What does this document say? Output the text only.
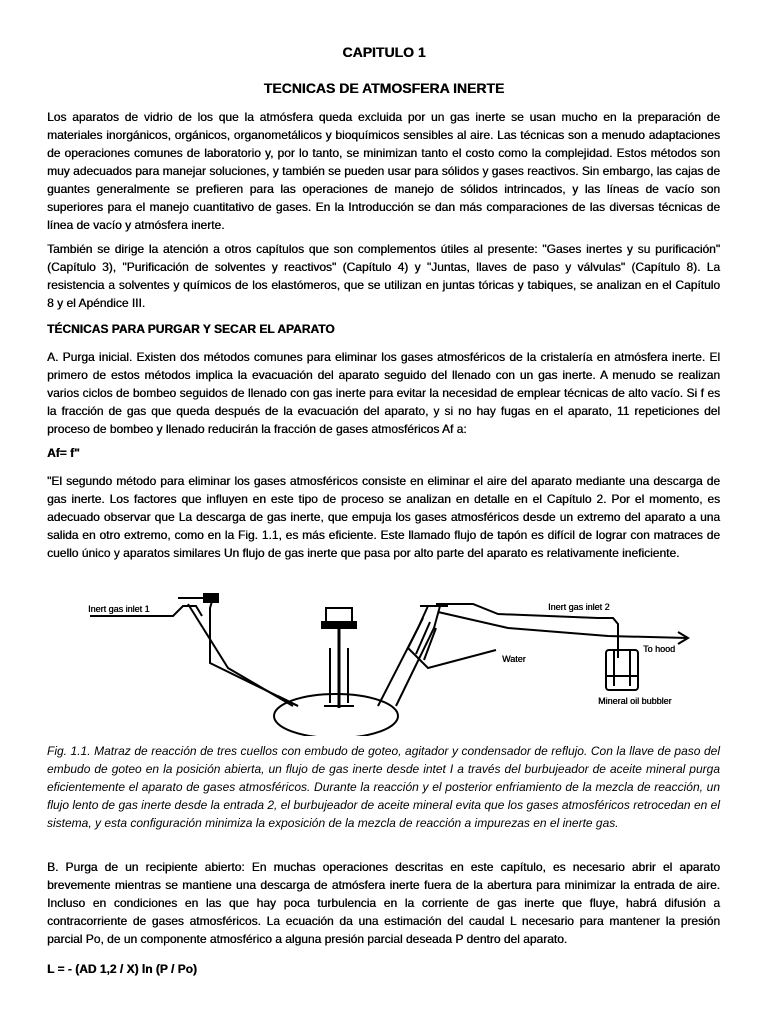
CAPITULO 1
TECNICAS DE ATMOSFERA INERTE

Los aparatos de vidrio de los que la atmósfera queda excluida por un gas inerte se usan mucho en la preparación de materiales inorgánicos, orgánicos, organometálicos y bioquímicos sensibles al aire. Las técnicas son a menudo adaptaciones de operaciones comunes de laboratorio y, por lo tanto, se minimizan tanto el costo como la complejidad. Estos métodos son muy adecuados para manejar soluciones, y también se pueden usar para sólidos y gases reactivos. Sin embargo, las cajas de guantes generalmente se prefieren para las operaciones de manejo de sólidos intrincados, y las líneas de vacío son superiores para el manejo cuantitativo de gases. En la Introducción se dan más comparaciones de las diversas técnicas de línea de vacío y atmósfera inerte.

También se dirige la atención a otros capítulos que son complementos útiles al presente: "Gases inertes y su purificación" (Capítulo 3), "Purificación de solventes y reactivos" (Capítulo 4) y "Juntas, llaves de paso y válvulas" (Capítulo 8). La resistencia a solventes y químicos de los elastómeros, que se utilizan en juntas tóricas y tabiques, se analizan en el Capítulo 8 y el Apéndice III.

TÉCNICAS PARA PURGAR Y SECAR EL APARATO

A. Purga inicial. Existen dos métodos comunes para eliminar los gases atmosféricos de la cristalería en atmósfera inerte. El primero de estos métodos implica la evacuación del aparato seguido del llenado con un gas inerte. A menudo se realizan varios ciclos de bombeo seguidos de llenado con gas inerte para evitar la necesidad de emplear técnicas de alto vacío. Si f es la fracción de gas que queda después de la evacuación del aparato, y si no hay fugas en el aparato, 11 repeticiones del proceso de bombeo y llenado reducirán la fracción de gases atmosféricos Af a:

Af= f"

"El segundo método para eliminar los gases atmosféricos consiste en eliminar el aire del aparato mediante una descarga de gas inerte. Los factores que influyen en este tipo de proceso se analizan en detalle en el Capítulo 2. Por el momento, es adecuado observar que La descarga de gas inerte, que empuja los gases atmosféricos desde un extremo del aparato a una salida en otro extremo, como en la Fig. 1.1, es más eficiente. Este llamado flujo de tapón es difícil de lograr con matraces de cuello único y aparatos similares Un flujo de gas inerte que pasa por alto parte del aparato es relativamente ineficiente.

Inert gas inlet 1	Inert gas inlet 2
Water
To hood
Mineral oil bubbler

Fig. 1.1. Matraz de reacción de tres cuellos con embudo de goteo, agitador y condensador de reflujo. Con la llave de paso del embudo de goteo en la posición abierta, un flujo de gas inerte desde intet I a través del burbujeador de aceite mineral purga eficientemente el aparato de gases atmosféricos. Durante la reacción y el posterior enfriamiento de la mezcla de reacción, un flujo lento de gas inerte desde la entrada 2, el burbujeador de aceite mineral evita que los gases atmosféricos retrocedan en el sistema, y esta configuración minimiza la exposición de la mezcla de reacción a impurezas en el inerte gas.

B. Purga de un recipiente abierto: En muchas operaciones descritas en este capítulo, es necesario abrir el aparato brevemente mientras se mantiene una descarga de atmósfera inerte fuera de la abertura para minimizar la entrada de aire. Incluso en condiciones en las que hay poca turbulencia en la corriente de gas inerte que fluye, habrá difusión a contracorriente de gases atmosféricos. La ecuación da una estimación del caudal L necesario para mantener la presión parcial Po, de un componente atmosférico a alguna presión parcial deseada P dentro del aparato.

L = - (AD 1,2 / X) ln (P / Po)
